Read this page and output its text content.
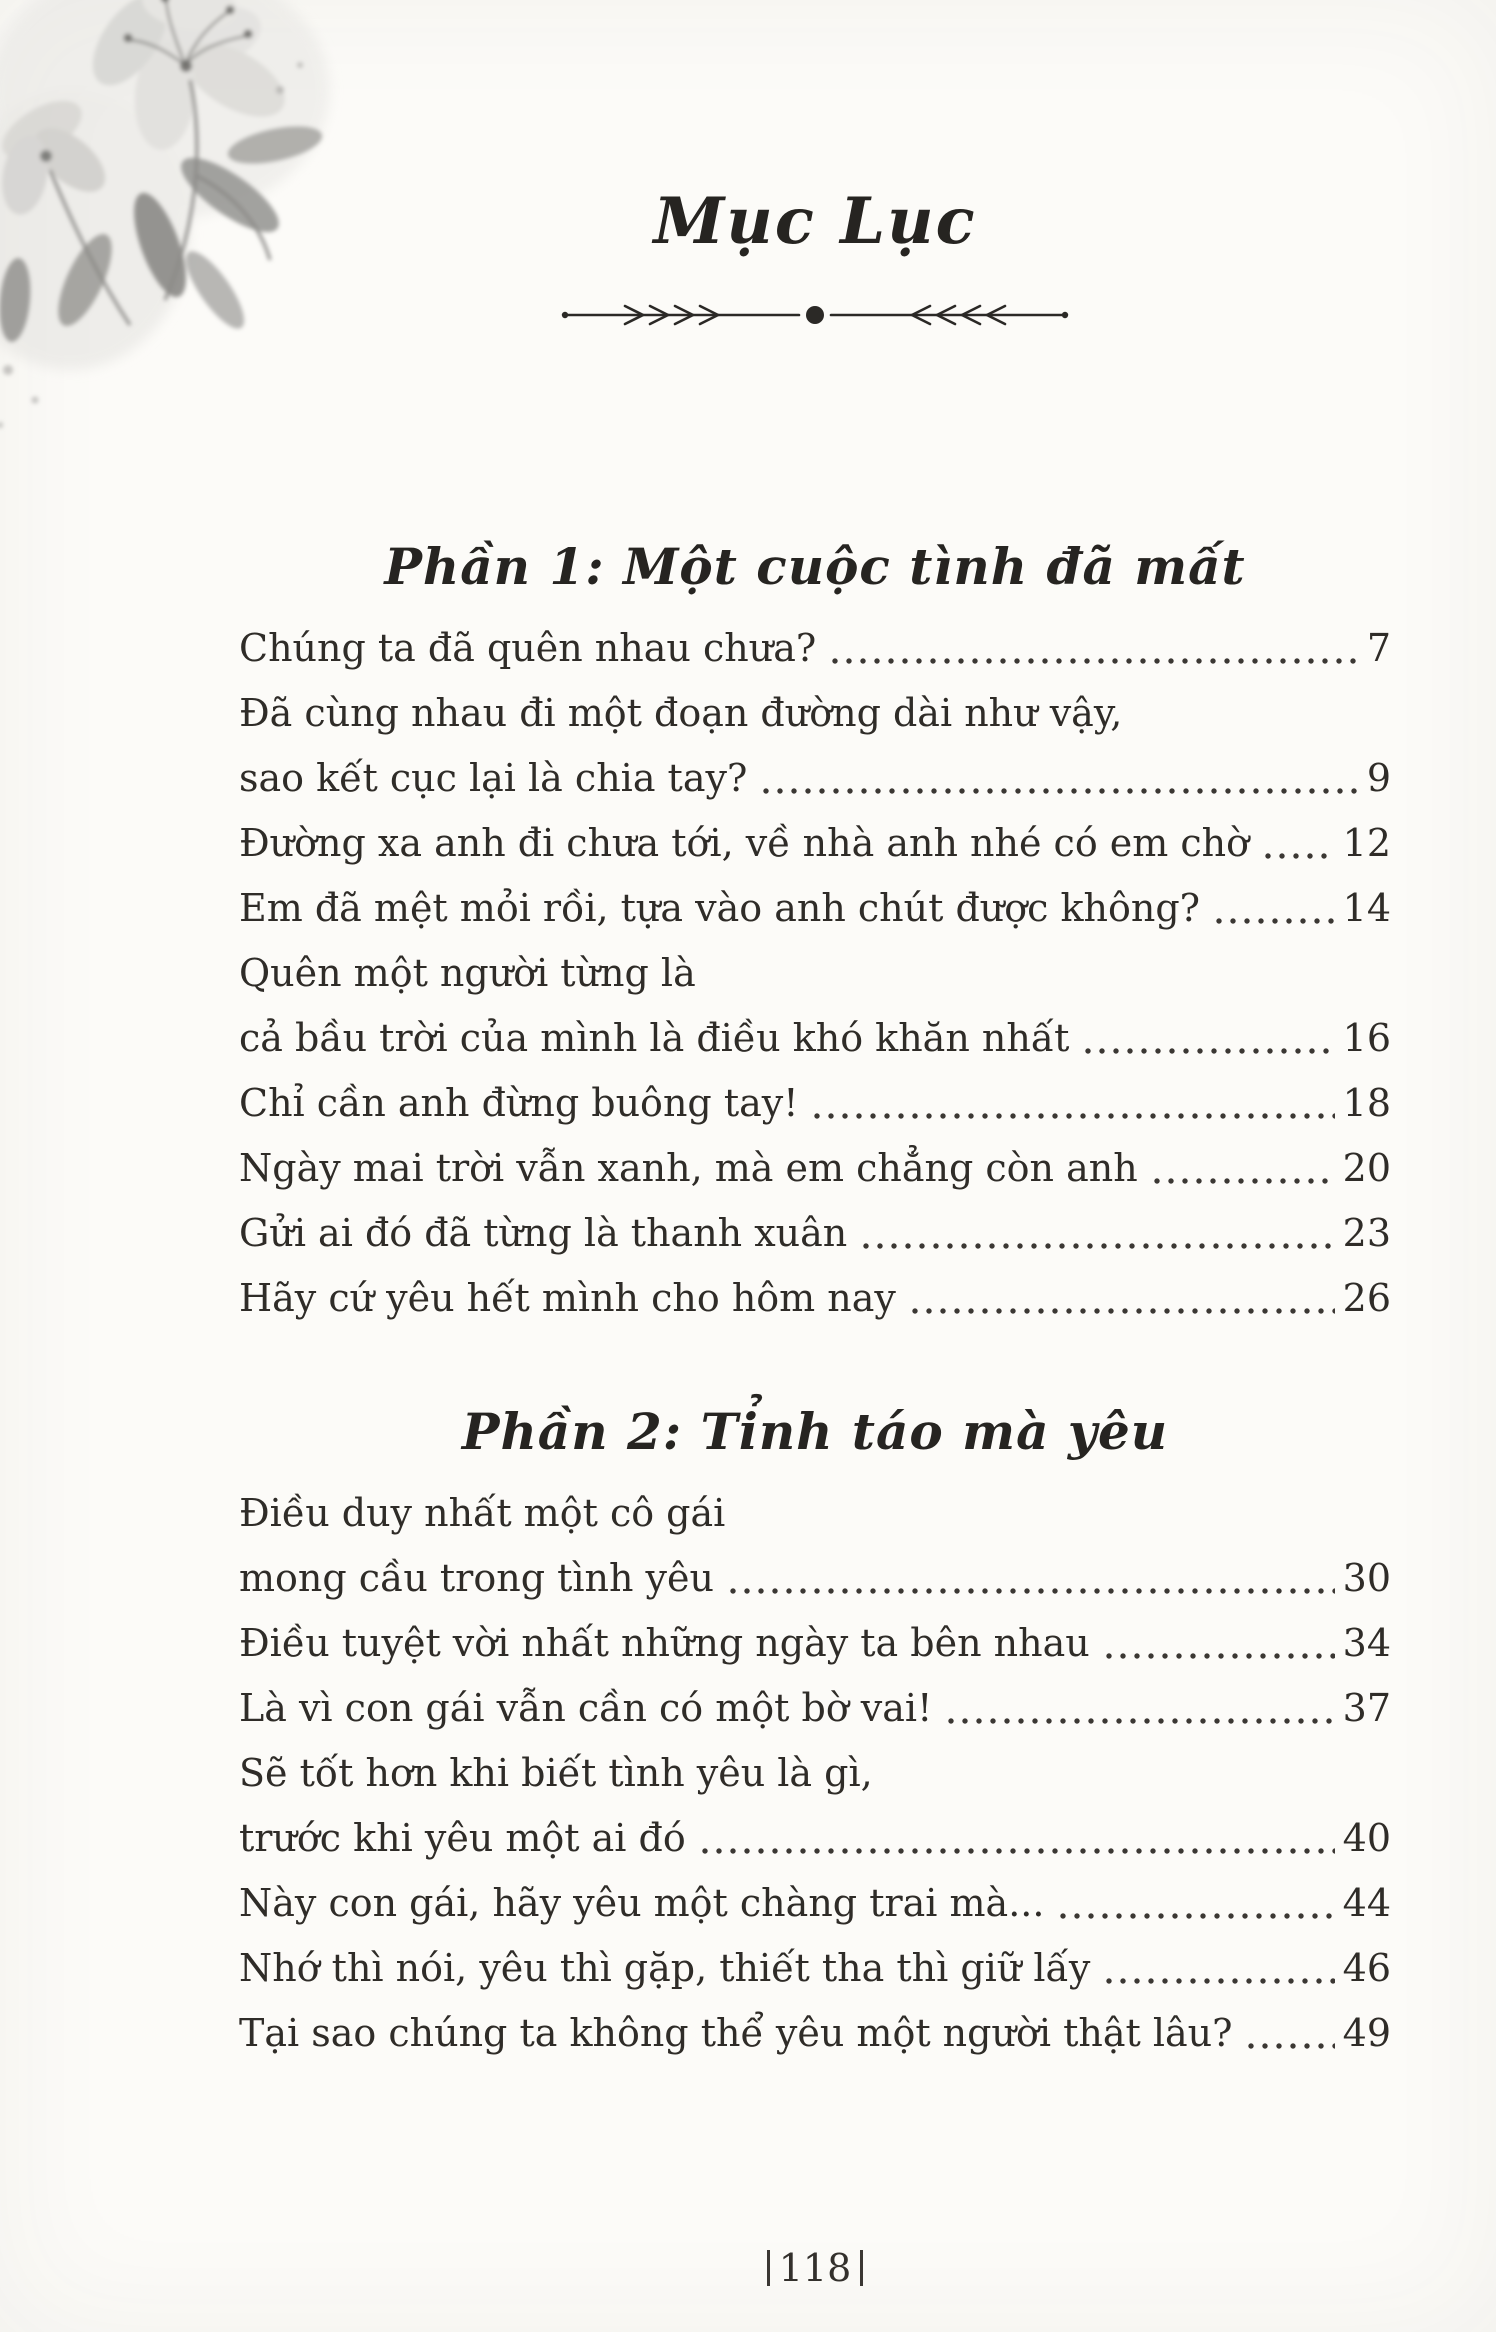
Mục Lục
Phần 1: Một cuộc tình đã mất
Chúng ta đã quên nhau chưa?	7
Đã cùng nhau đi một đoạn đường dài như vậy,
sao kết cục lại là chia tay?	9
Đường xa anh đi chưa tới, về nhà anh nhé có em chờ 12
Em đã mệt mỏi rồi, tựa vào anh chút được không?	14
Quên một người từng là
cả bầu trời của mình là điều khó khăn nhất	16
Chỉ cần anh đừng buông tay!	18
Ngày mai trời vẫn xanh, mà em chẳng còn anh	20
Gửi ai đó đã từng là thanh xuân	23
Hãy cứ yêu hết mình cho hôm nay	26
Phần 2: Tỉnh táo mà yêu
Điều duy nhất một cô gái
mong cầu trong tình yêu	30
Điều tuyệt vời nhất những ngày ta bên nhau	34
Là vì con gái vẫn cần có một bờ vai!	37
Sẽ tốt hơn khi biết tình yêu là gì,
trước khi yêu một ai đó	40
Này con gái, hãy yêu một chàng trai mà...	44
Nhớ thì nói, yêu thì gặp, thiết tha thì giữ lấy	46
Tại sao chúng ta không thể yêu một người thật lâu?	49
118
